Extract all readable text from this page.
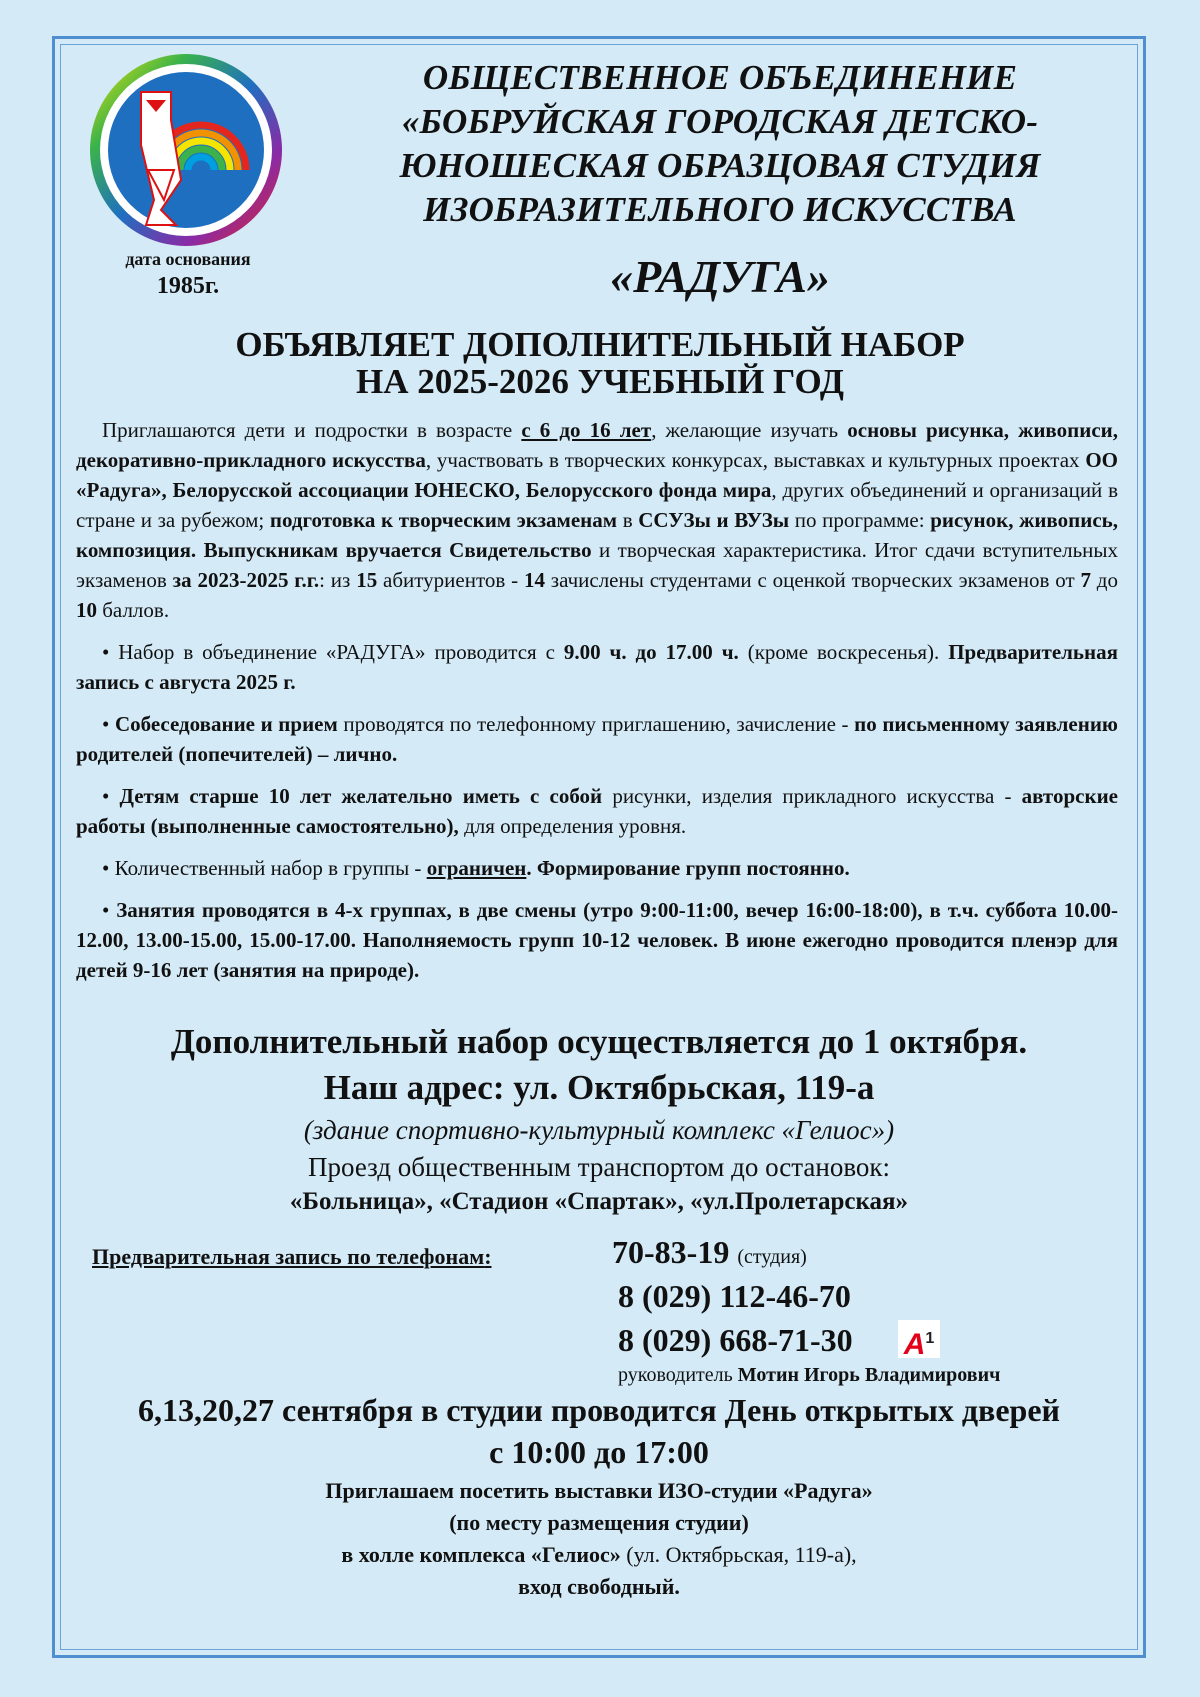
дата основания
1985г.
ОБЩЕСТВЕННОЕ ОБЪЕДИНЕНИЕ
«БОБРУЙСКАЯ ГОРОДСКАЯ ДЕТСКО-
ЮНОШЕСКАЯ ОБРАЗЦОВАЯ СТУДИЯ
ИЗОБРАЗИТЕЛЬНОГО ИСКУССТВА
«РАДУГА»
ОБЪЯВЛЯЕТ ДОПОЛНИТЕЛЬНЫЙ НАБОР
НА 2025-2026 УЧЕБНЫЙ ГОД

Приглашаются дети и подростки в возрасте с 6 до 16 лет, желающие изучать основы рисунка, живописи, декоративно-прикладного искусства, участвовать в творческих конкурсах, выставках и культурных проектах ОО «Радуга», Белорусской ассоциации ЮНЕСКО, Белорусского фонда мира, других объединений и организаций в стране и за рубежом; подготовка к творческим экзаменам в ССУЗы и ВУЗы по программе: рисунок, живопись, композиция. Выпускникам вручается Свидетельство и творческая характеристика. Итог сдачи вступительных экзаменов за 2023-2025 г.г.: из 15 абитуриентов - 14 зачислены студентами с оценкой творческих экзаменов от 7 до 10 баллов.

• Набор в объединение «РАДУГА» проводится с 9.00 ч. до 17.00 ч. (кроме воскресенья). Предварительная запись с августа 2025 г.

• Собеседование и прием проводятся по телефонному приглашению, зачисление - по письменному заявлению родителей (попечителей) – лично.

• Детям старше 10 лет желательно иметь с собой рисунки, изделия прикладного искусства - авторские работы (выполненные самостоятельно), для определения уровня.

• Количественный набор в группы - ограничен. Формирование групп постоянно.

• Занятия проводятся в 4-х группах, в две смены (утро 9:00-11:00, вечер 16:00-18:00), в т.ч. суббота 10.00-12.00, 13.00-15.00, 15.00-17.00. Наполняемость групп 10-12 человек. В июне ежегодно проводится пленэр для детей 9-16 лет (занятия на природе).

Дополнительный набор осуществляется до 1 октября.
Наш адрес: ул. Октябрьская, 119-а
(здание спортивно-культурный комплекс «Гелиос»)
Проезд общественным транспортом до остановок:
«Больница», «Стадион «Спартак», «ул.Пролетарская»
Предварительная запись по телефонам:	70-83-19 (студия)
8 (029) 112-46-70
8 (029) 668-71-30 $A^1$
руководитель Мотин Игорь Владимирович
6,13,20,27 сентября в студии проводится День открытых дверей
с 10:00 до 17:00
Приглашаем посетить выставки ИЗО-студии «Радуга»
(по месту размещения студии)
в холле комплекса «Гелиос» (ул. Октябрьская, 119-а),
вход свободный.
